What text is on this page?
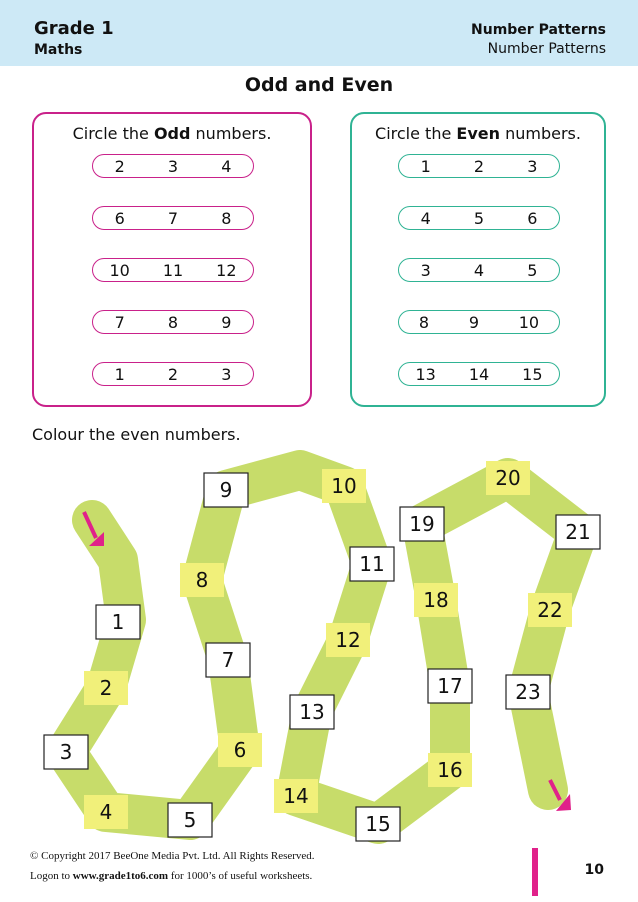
Grade 1
Maths
Number Patterns
Number Patterns
Odd and Even
Circle the Odd numbers.
2	3	4
6	7	8
10 11 12
7	8	9
1	2	3
Circle the Even numbers.
1	2	3
4	5	6
3	4	5
8 9 10
13 14 15
Colour the even numbers.
1
2
3
4	5
6
7
8
9	10
11
12
13
14
15
16
17
18
19
20
21
22
23
© Copyright 2017 BeeOne Media Pvt. Ltd. All Rights Reserved.
Logon to www.grade1to6.com for 1000’s of useful worksheets.	10
